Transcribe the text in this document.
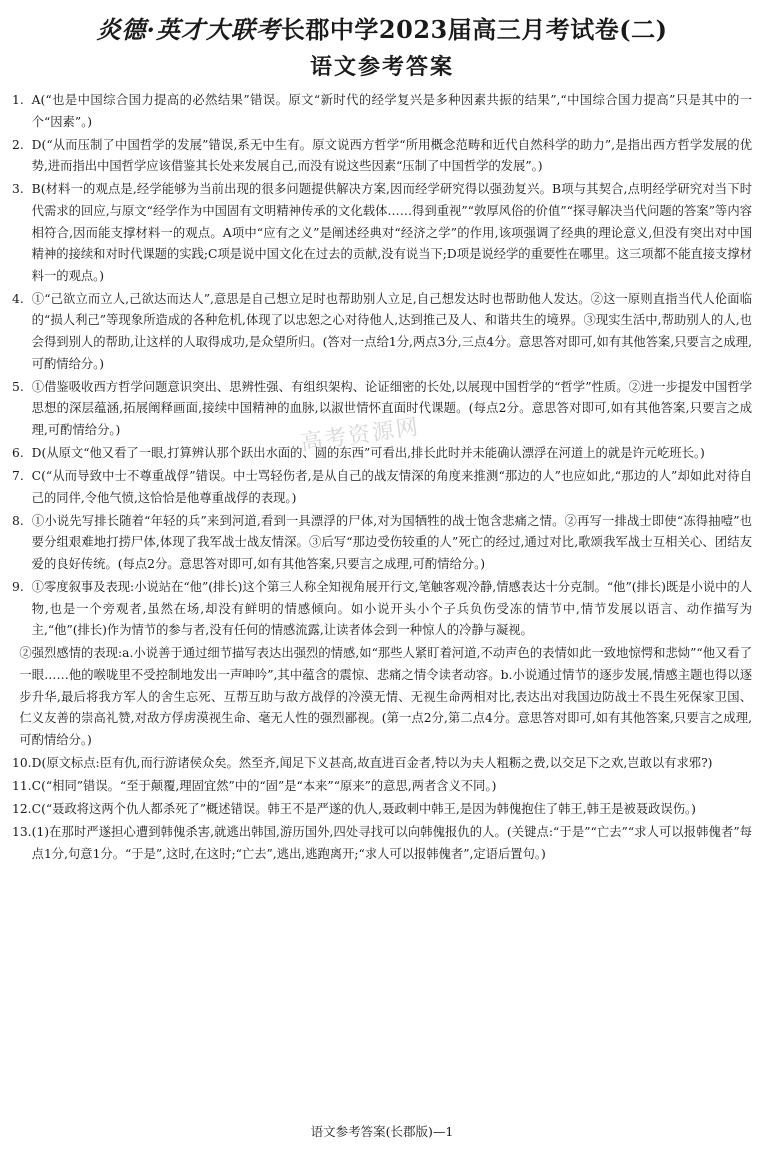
炎德·英才大联考长郡中学2023届高三月考试卷(二)
语文参考答案
1. A(“也是中国综合国力提高的必然结果”错误。原文“新时代的经学复兴是多种因素共振的结果”,“中国综合国力提高”只是其中的一个“因素”。)
2. D(“从而压制了中国哲学的发展”错误,系无中生有。原文说西方哲学“所用概念范畴和近代自然科学的助力”,是指出西方哲学发展的优势,进而指出中国哲学应该借鉴其长处来发展自己,而没有说这些因素“压制了中国哲学的发展”。)
3. B(材料一的观点是,经学能够为当前出现的很多问题提供解决方案,因而经学研究得以强劲复兴。B项与其契合,点明经学研究对当下时代需求的回应,与原文“经学作为中国固有文明精神传承的文化载体……得到重视”“敦厚风俗的价值”“探寻解决当代问题的答案”等内容相符合,因而能支撑材料一的观点。A项中“应有之义”是阐述经典对“经济之学”的作用,该项强调了经典的理论意义,但没有突出对中国精神的接续和对时代课题的实践;C项是说中国文化在过去的贡献,没有说当下;D项是说经学的重要性在哪里。这三项都不能直接支撑材料一的观点。)
4. ①“己欲立而立人,己欲达而达人”,意思是自己想立足时也帮助别人立足,自己想发达时也帮助他人发达。②这一原则直指当代人伦面临的“损人利己”等现象所造成的各种危机,体现了以忠恕之心对待他人,达到推己及人、和谐共生的境界。③现实生活中,帮助别人的人,也会得到别人的帮助,让这样的人取得成功,是众望所归。(答对一点给1分,两点3分,三点4分。意思答对即可,如有其他答案,只要言之成理,可酌情给分。)
5. ①借鉴吸收西方哲学问题意识突出、思辨性强、有组织架构、论证细密的长处,以展现中国哲学的“哲学”性质。②进一步提发中国哲学思想的深层蕴涵,拓展阐释画面,接续中国精神的血脉,以淑世情怀直面时代课题。(每点2分。意思答对即可,如有其他答案,只要言之成理,可酌情给分。)
6. D(从原文“他又看了一眼,打算辨认那个跃出水面的、圆的东西”可看出,排长此时并未能确认漂浮在河道上的就是许元屹班长。)
7. C(“从而导致中士不尊重战俘”错误。中士骂轻伤者,是从自己的战友情深的角度来推测“那边的人”也应如此,“那边的人”却如此对待自己的同伴,令他气愤,这恰恰是他尊重战俘的表现。)
8. ①小说先写排长随着“年轻的兵”来到河道,看到一具漂浮的尸体,对为国牺牲的战士饱含悲痛之情。②再写一排战士即使“冻得抽噎”也要分组艰难地打捞尸体,体现了我军战士战友情深。③后写“那边受伤较重的人”死亡的经过,通过对比,歌颂我军战士互相关心、团结友爱的良好传统。(每点2分。意思答对即可,如有其他答案,只要言之成理,可酌情给分。)
9. ①零度叙事及表现:小说站在“他”(排长)这个第三人称全知视角展开行文,笔触客观冷静,情感表达十分克制。“他”(排长)既是小说中的人物,也是一个旁观者,虽然在场,却没有鲜明的情感倾向。如小说开头小个子兵负伤受冻的情节中,情节发展以语言、动作描写为主,“他”(排长)作为情节的参与者,没有任何的情感流露,让读者体会到一种惊人的冷静与凝视。
②强烈感情的表现:a.小说善于通过细节描写表达出强烈的情感,如“那些人紧盯着河道,不动声色的表情如此一致地惊愕和悲恸”“他又看了一眼……他的喉咙里不受控制地发出一声呻吟”,其中蕴含的震惊、悲痛之情令读者动容。b.小说通过情节的逐步发展,情感主题也得以逐步升华,最后将我方军人的舍生忘死、互帮互助与敌方战俘的冷漠无情、无视生命两相对比,表达出对我国边防战士不畏生死保家卫国、仁义友善的崇高礼赞,对敌方俘虏漠视生命、毫无人性的强烈鄙视。(第一点2分,第二点4分。意思答对即可,如有其他答案,只要言之成理,可酌情给分。)
10.D(原文标点:臣有仇,而行游诸侯众矣。然至齐,闻足下义甚高,故直进百金者,特以为夫人粗粝之费,以交足下之欢,岂敢以有求邪?)
11.C(“相同”错误。“至于颠覆,理固宜然”中的“固”是“本来”“原来”的意思,两者含义不同。)
12.C(“聂政将这两个仇人都杀死了”概述错误。韩王不是严遂的仇人,聂政刺中韩王,是因为韩傀抱住了韩王,韩王是被聂政误伤。)
13.(1)在那时严遂担心遭到韩傀杀害,就逃出韩国,游历国外,四处寻找可以向韩傀报仇的人。(关键点:“于是”“亡去”“求人可以报韩傀者”每点1分,句意1分。“于是”,这时,在这时;“亡去”,逃出,逃跑离开;“求人可以报韩傀者”,定语后置句。)
高考资源网
语文参考答案(长郡版)—1
